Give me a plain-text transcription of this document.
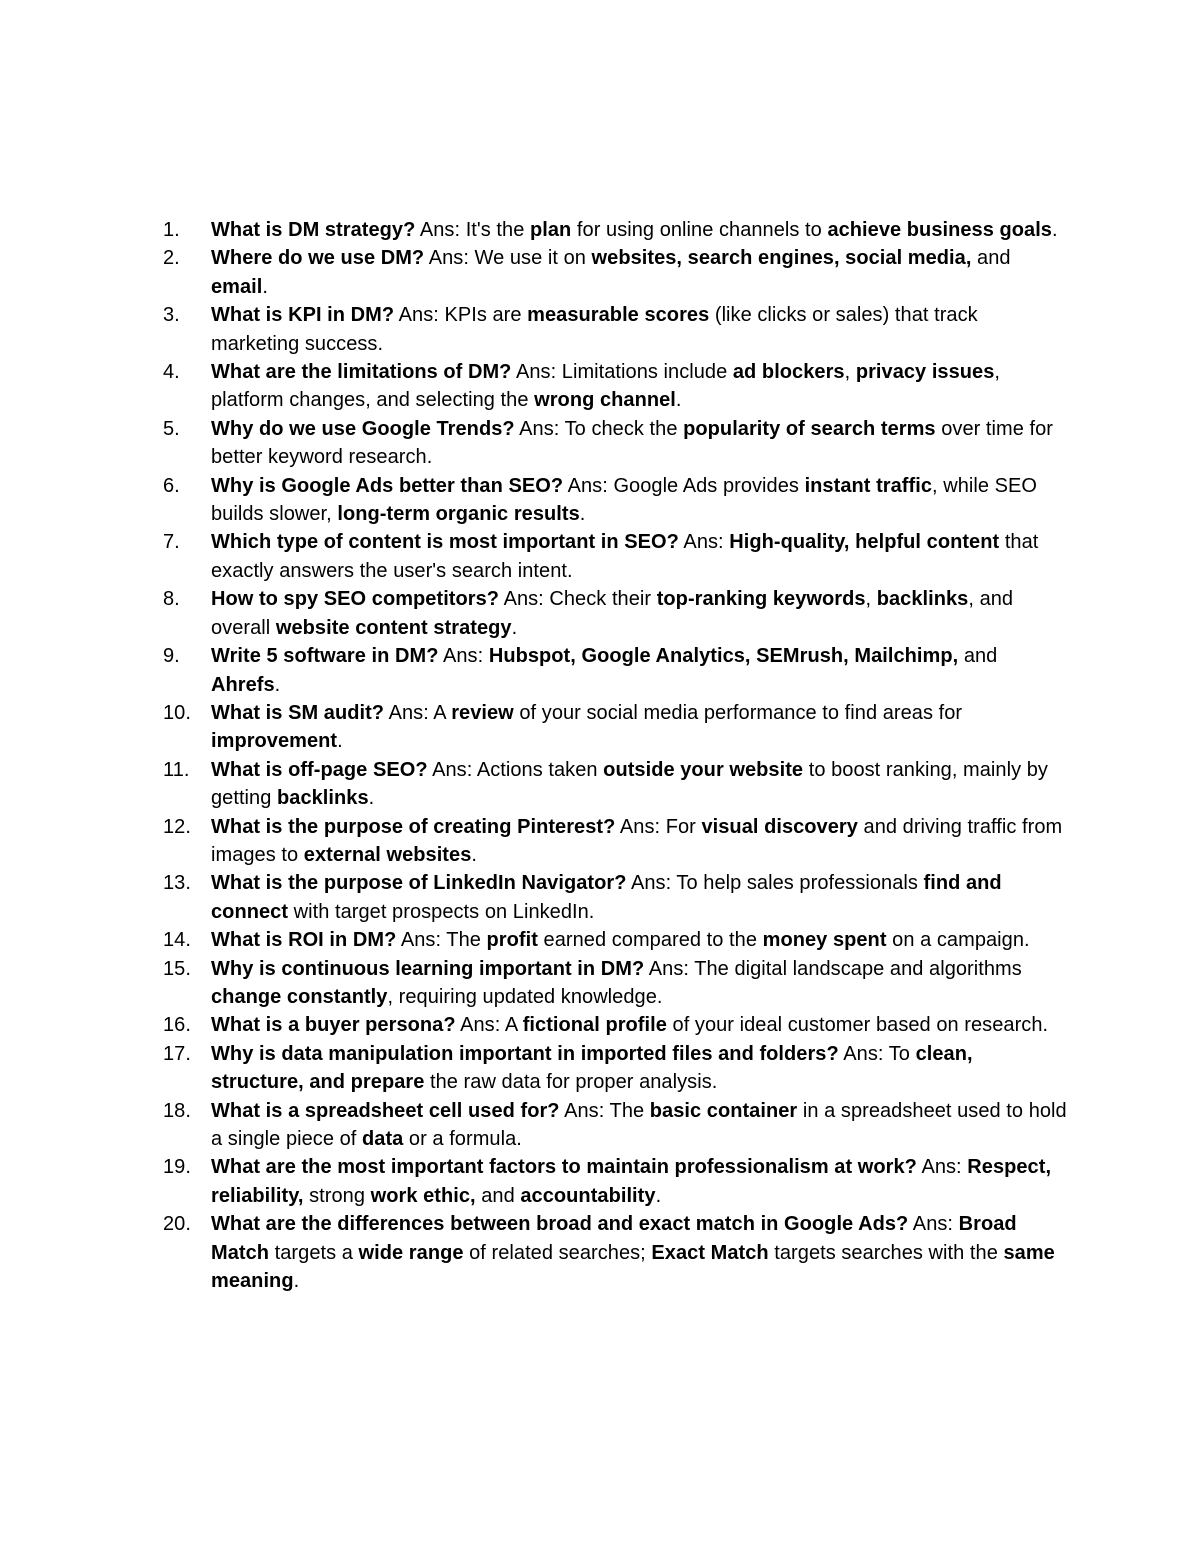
1.	What is DM strategy? Ans: It's the plan for using online channels to achieve business goals.
2.	Where do we use DM? Ans: We use it on websites, search engines, social media, and email.
3.	What is KPI in DM? Ans: KPIs are measurable scores (like clicks or sales) that track marketing success.
4.	What are the limitations of DM? Ans: Limitations include ad blockers, privacy issues, platform changes, and selecting the wrong channel.
5.	Why do we use Google Trends? Ans: To check the popularity of search terms over time for better keyword research.
6.	Why is Google Ads better than SEO? Ans: Google Ads provides instant traffic, while SEO builds slower, long-term organic results.
7.	Which type of content is most important in SEO? Ans: High-quality, helpful content that exactly answers the user's search intent.
8.	How to spy SEO competitors? Ans: Check their top-ranking keywords, backlinks, and overall website content strategy.
9.	Write 5 software in DM? Ans: Hubspot, Google Analytics, SEMrush, Mailchimp, and Ahrefs.
10.	What is SM audit? Ans: A review of your social media performance to find areas for improvement.
11.	What is off-page SEO? Ans: Actions taken outside your website to boost ranking, mainly by getting backlinks.
12.	What is the purpose of creating Pinterest? Ans: For visual discovery and driving traffic from images to external websites.
13.	What is the purpose of LinkedIn Navigator? Ans: To help sales professionals find and connect with target prospects on LinkedIn.
14.	What is ROI in DM? Ans: The profit earned compared to the money spent on a campaign.
15.	Why is continuous learning important in DM? Ans: The digital landscape and algorithms change constantly, requiring updated knowledge.
16.	What is a buyer persona? Ans: A fictional profile of your ideal customer based on research.
17.	Why is data manipulation important in imported files and folders? Ans: To clean, structure, and prepare the raw data for proper analysis.
18.	What is a spreadsheet cell used for? Ans: The basic container in a spreadsheet used to hold a single piece of data or a formula.
19.	What are the most important factors to maintain professionalism at work? Ans: Respect, reliability, strong work ethic, and accountability.
20.	What are the differences between broad and exact match in Google Ads? Ans: Broad Match targets a wide range of related searches; Exact Match targets searches with the same meaning.
